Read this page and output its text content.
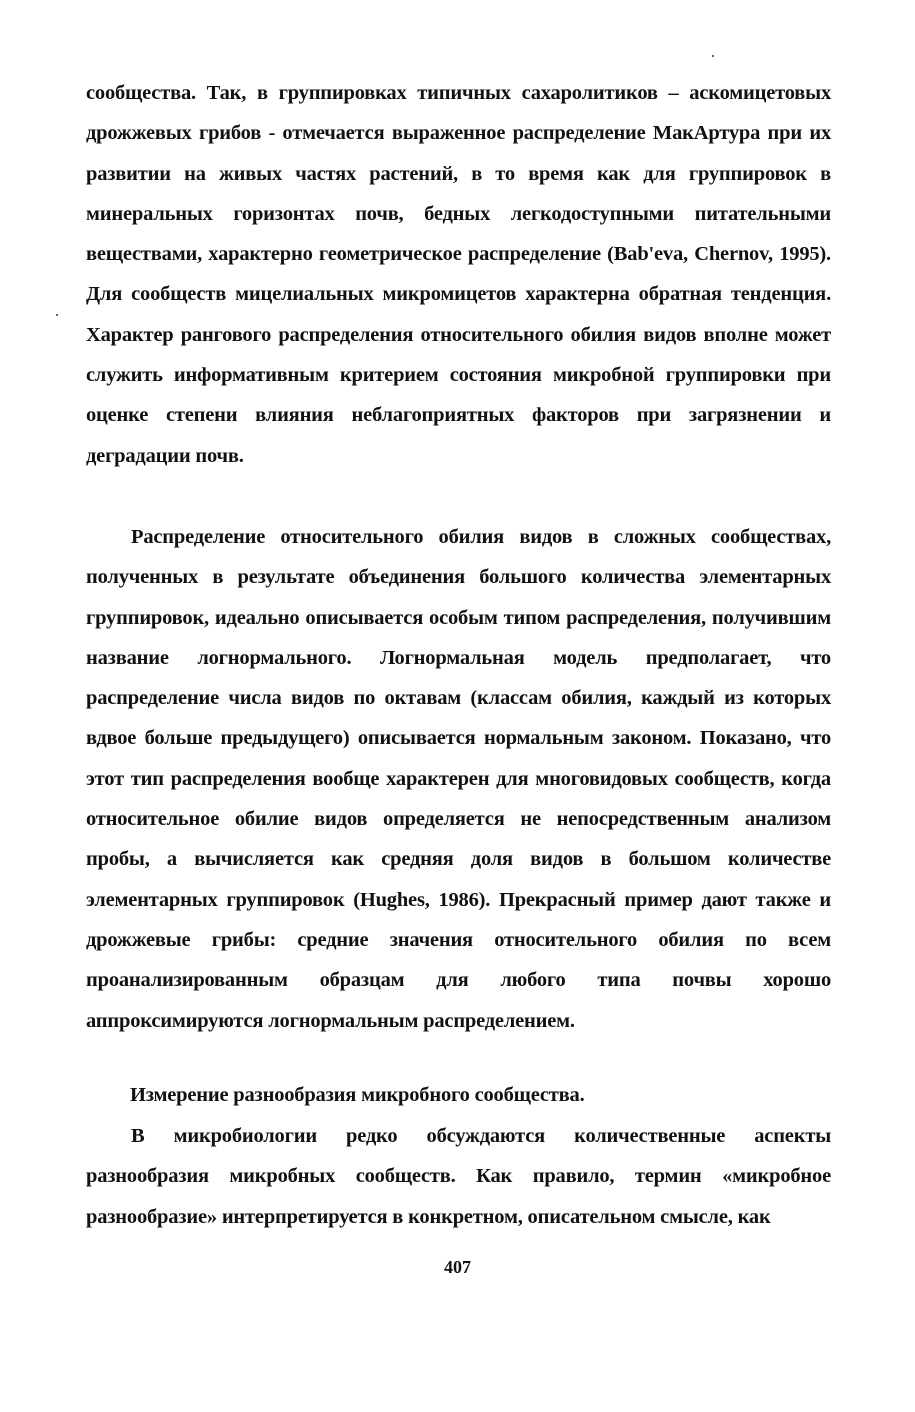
сообщества. Так, в группировках типичных сахаролитиков – аскомицетовых дрожжевых грибов - отмечается выраженное распределение МакАртура при их развитии на живых частях растений, в то время как для группировок в минеральных горизонтах почв, бедных легкодоступными питательными веществами, характерно геометрическое распределение (Bab'eva, Chernov, 1995). Для сообществ мицелиальных микромицетов характерна обратная тенденция. Характер рангового распределения относительного обилия видов вполне может служить информативным критерием состояния микробной группировки при оценке степени влияния неблагоприятных факторов при загрязнении и деградации почв.

Распределение относительного обилия видов в сложных сообществах, полученных в результате объединения большого количества элементарных группировок, идеально описывается особым типом распределения, получившим название логнормального. Логнормальная модель предполагает, что распределение числа видов по октавам (классам обилия, каждый из которых вдвое больше предыдущего) описывается нормальным законом. Показано, что этот тип распределения вообще характерен для многовидовых сообществ, когда относительное обилие видов определяется не непосредственным анализом пробы, а вычисляется как средняя доля видов в большом количестве элементарных группировок (Hughes, 1986). Прекрасный пример дают также и дрожжевые грибы: средние значения относительного обилия по всем проанализированным образцам для любого типа почвы хорошо аппроксимируются логнормальным распределением.

Измерение разнообразия микробного сообщества.

В микробиологии редко обсуждаются количественные аспекты разнообразия микробных сообществ. Как правило, термин «микробное разнообразие» интерпретируется в конкретном, описательном смысле, как

407
